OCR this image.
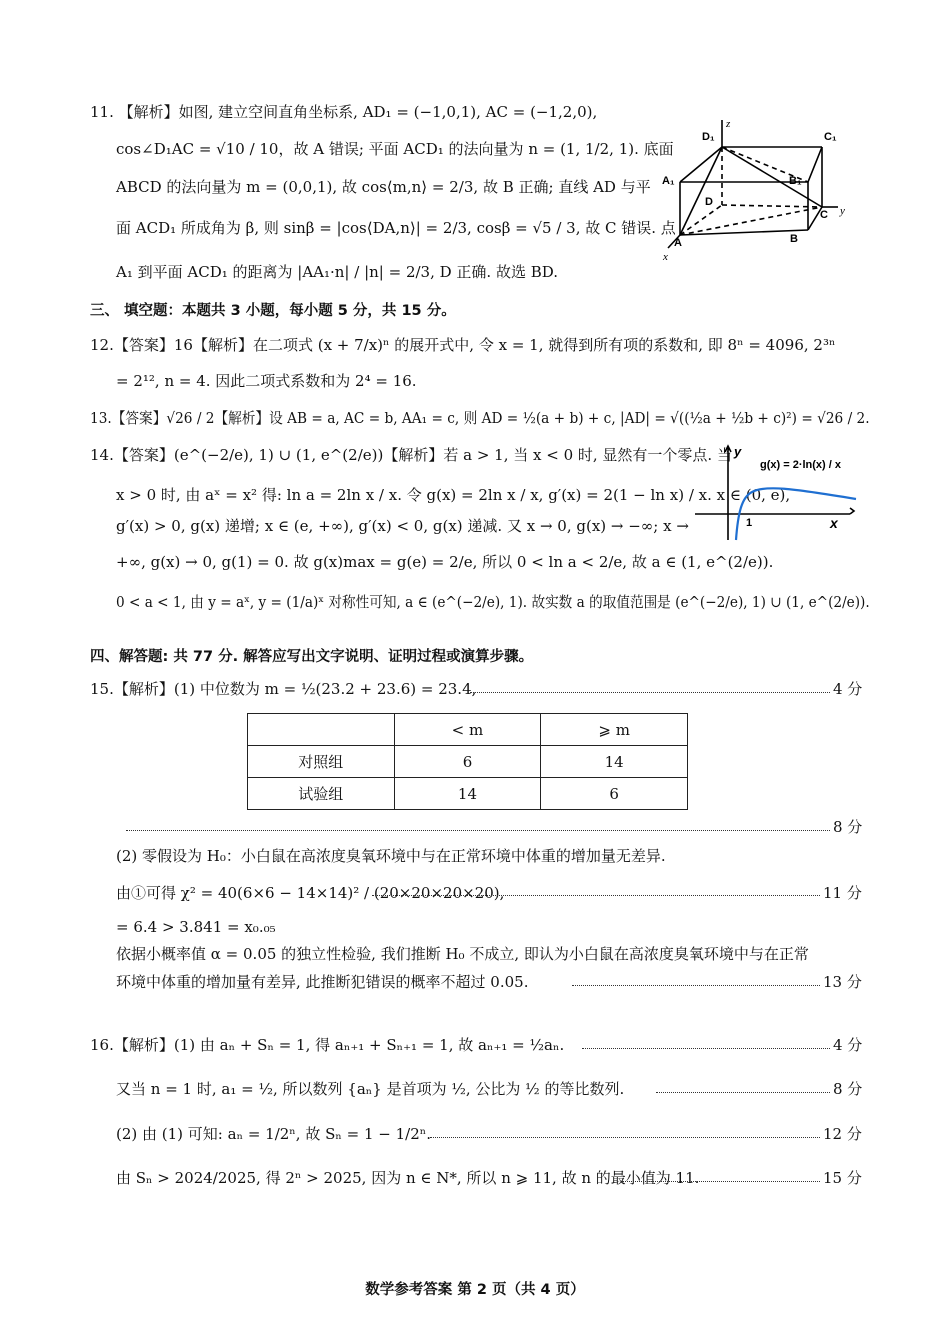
11. 【解析】如图, 建立空间直角坐标系, AD₁ = (−1,0,1), AC = (−1,2,0),
cos∠D₁AC = √10 / 10，故 A 错误; 平面 ACD₁ 的法向量为 n = (1, 1/2, 1). 底面
ABCD 的法向量为 m = (0,0,1), 故 cos⟨m,n⟩ = 2/3, 故 B 正确; 直线 AD 与平
面 ACD₁ 所成角为 β, 则 sinβ = |cos⟨DA,n⟩| = 2/3, cosβ = √5 / 3, 故 C 错误. 点
A₁ 到平面 ACD₁ 的距离为 |AA₁·n| / |n| = 2/3, D 正确. 故选 BD.
D₁	C₁
A₁	B₁
D
C
A	B
z
y
x
三、 填空题：本题共 3 小题，每小题 5 分，共 15 分。
12.【答案】16【解析】在二项式 (x + 7/x)ⁿ 的展开式中, 令 x = 1, 就得到所有项的系数和, 即 8ⁿ = 4096, 2³ⁿ
= 2¹², n = 4. 因此二项式系数和为 2⁴ = 16.
13.【答案】√26 / 2【解析】设 AB = a, AC = b, AA₁ = c, 则 AD = ½(a + b) + c, |AD| = √((½a + ½b + c)²) = √26 / 2.
14.【答案】(e^(−2/e), 1) ∪ (1, e^(2/e))【解析】若 a > 1, 当 x < 0 时, 显然有一个零点. 当
x > 0 时, 由 aˣ = x² 得: ln a = 2ln x / x. 令 g(x) = 2ln x / x, g′(x) = 2(1 − ln x) / x. x ∈ (0, e),
g′(x) > 0, g(x) 递增; x ∈ (e, +∞), g′(x) < 0, g(x) 递减. 又 x → 0, g(x) → −∞; x →
+∞, g(x) → 0, g(1) = 0. 故 g(x)max = g(e) = 2/e, 所以 0 < ln a < 2/e, 故 a ∈ (1, e^(2/e)).
0 < a < 1, 由 y = aˣ, y = (1/a)ˣ 对称性可知, a ∈ (e^(−2/e), 1). 故实数 a 的取值范围是 (e^(−2/e), 1) ∪ (1, e^(2/e)).
y
x
1
g(x) = 2·ln(x) / x
四、解答题: 共 77 分. 解答应写出文字说明、证明过程或演算步骤。
15.【解析】(1) 中位数为 m = ½(23.2 + 23.6) = 23.4,	4 分
	< m	⩾ m
对照组	6	14
试验组	14	6
8 分
(2) 零假设为 H₀：小白鼠在高浓度臭氧环境中与在正常环境中体重的增加量无差异.
由①可得 χ² = 40(6×6 − 14×14)² / (20×20×20×20),	11 分
= 6.4 > 3.841 = x₀.₀₅
依据小概率值 α = 0.05 的独立性检验, 我们推断 H₀ 不成立, 即认为小白鼠在高浓度臭氧环境中与在正常
环境中体重的增加量有差异, 此推断犯错误的概率不超过 0.05.	13 分
16.【解析】(1) 由 aₙ + Sₙ = 1, 得 aₙ₊₁ + Sₙ₊₁ = 1, 故 aₙ₊₁ = ½aₙ.	4 分
又当 n = 1 时, a₁ = ½, 所以数列 {aₙ} 是首项为 ½, 公比为 ½ 的等比数列.	8 分
(2) 由 (1) 可知: aₙ = 1/2ⁿ, 故 Sₙ = 1 − 1/2ⁿ.	12 分
由 Sₙ > 2024/2025, 得 2ⁿ > 2025, 因为 n ∈ N*, 所以 n ⩾ 11, 故 n 的最小值为 11.	15 分
数学参考答案 第 2 页（共 4 页）
